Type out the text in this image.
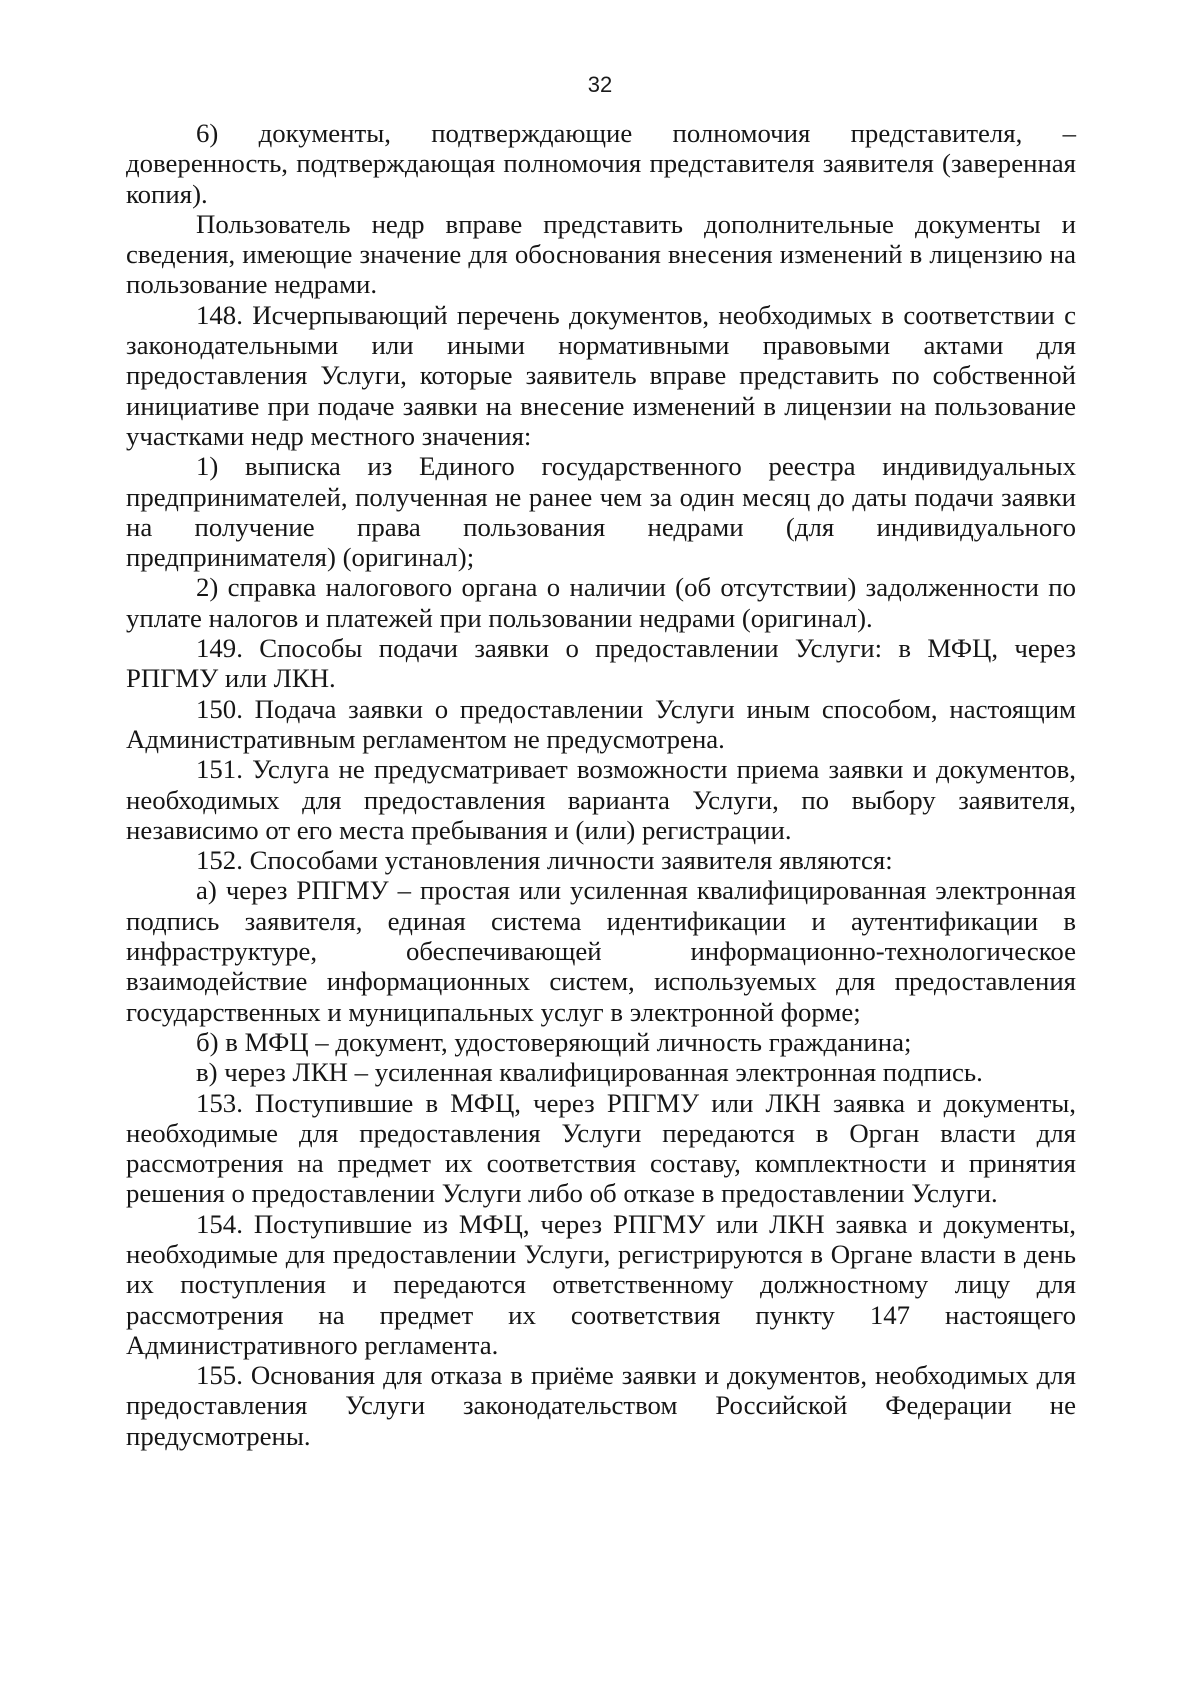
32

6) документы, подтверждающие полномочия представителя, – доверенность, подтверждающая полномочия представителя заявителя (заверенная копия).

Пользователь недр вправе представить дополнительные документы и сведения, имеющие значение для обоснования внесения изменений в лицензию на пользование недрами.

148. Исчерпывающий перечень документов, необходимых в соответствии с законодательными или иными нормативными правовыми актами для предоставления Услуги, которые заявитель вправе представить по собственной инициативе при подаче заявки на внесение изменений в лицензии на пользование участками недр местного значения:

1) выписка из Единого государственного реестра индивидуальных предпринимателей, полученная не ранее чем за один месяц до даты подачи заявки на получение права пользования недрами (для индивидуального предпринимателя) (оригинал);

2) справка налогового органа о наличии (об отсутствии) задолженности по уплате налогов и платежей при пользовании недрами (оригинал).

149. Способы подачи заявки о предоставлении Услуги: в МФЦ, через РПГМУ или ЛКН.

150. Подача заявки о предоставлении Услуги иным способом, настоящим Административным регламентом не предусмотрена.

151. Услуга не предусматривает возможности приема заявки и документов, необходимых для предоставления варианта Услуги, по выбору заявителя, независимо от его места пребывания и (или) регистрации.

152. Способами установления личности заявителя являются:

а) через РПГМУ – простая или усиленная квалифицированная электронная подпись заявителя, единая система идентификации и аутентификации в инфраструктуре, обеспечивающей информационно-технологическое взаимодействие информационных систем, используемых для предоставления государственных и муниципальных услуг в электронной форме;

б) в МФЦ – документ, удостоверяющий личность гражданина;

в) через ЛКН – усиленная квалифицированная электронная подпись.

153. Поступившие в МФЦ, через РПГМУ или ЛКН заявка и документы, необходимые для предоставления Услуги передаются в Орган власти для рассмотрения на предмет их соответствия составу, комплектности и принятия решения о предоставлении Услуги либо об отказе в предоставлении Услуги.

154. Поступившие из МФЦ, через РПГМУ или ЛКН заявка и документы, необходимые для предоставлении Услуги, регистрируются в Органе власти в день их поступления и передаются ответственному должностному лицу для рассмотрения на предмет их соответствия пункту 147 настоящего Административного регламента.

155. Основания для отказа в приёме заявки и документов, необходимых для предоставления Услуги законодательством Российской Федерации не предусмотрены.
